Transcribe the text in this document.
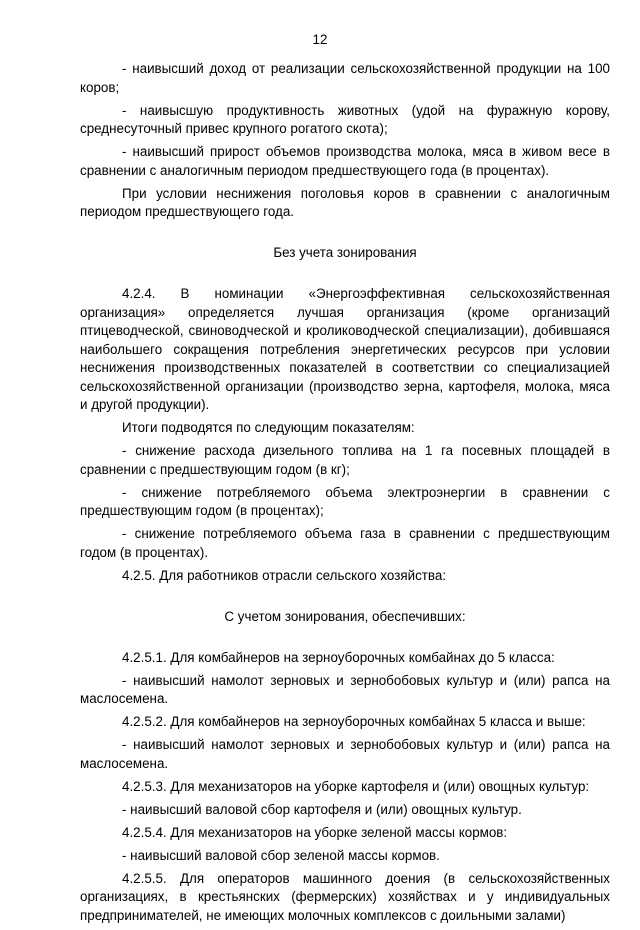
12

- наивысший доход от реализации сельскохозяйственной продукции на 100 коров;

- наивысшую продуктивность животных (удой на фуражную корову, среднесуточный привес крупного рогатого скота);

- наивысший прирост объемов производства молока, мяса в живом весе в сравнении с аналогичным периодом предшествующего года (в процентах).

При условии неснижения поголовья коров в сравнении с аналогичным периодом предшествующего года.

Без учета зонирования

4.2.4. В номинации «Энергоэффективная сельскохозяйственная организация» определяется лучшая организация (кроме организаций птицеводческой, свиноводческой и кролиководческой специализации), добившаяся наибольшего сокращения потребления энергетических ресурсов при условии неснижения производственных показателей в соответствии со специализацией сельскохозяйственной организации (производство зерна, картофеля, молока, мяса и другой продукции).

Итоги подводятся по следующим показателям:

- снижение расхода дизельного топлива на 1 га посевных площадей в сравнении с предшествующим годом (в кг);

- снижение потребляемого объема электроэнергии в сравнении с предшествующим годом (в процентах);

- снижение потребляемого объема газа в сравнении с предшествующим годом (в процентах).

4.2.5. Для работников отрасли сельского хозяйства:

С учетом зонирования, обеспечивших:

4.2.5.1. Для комбайнеров на зерноуборочных комбайнах до 5 класса:

- наивысший намолот зерновых и зернобобовых культур и (или) рапса на маслосемена.

4.2.5.2. Для комбайнеров на зерноуборочных комбайнах 5 класса и выше:

- наивысший намолот зерновых и зернобобовых культур и (или) рапса на маслосемена.

4.2.5.3. Для механизаторов на уборке картофеля и (или) овощных культур:

- наивысший валовой сбор картофеля и (или) овощных культур.

4.2.5.4. Для механизаторов на уборке зеленой массы кормов:

- наивысший валовой сбор зеленой массы кормов.

4.2.5.5. Для операторов машинного доения (в сельскохозяйственных организациях, в крестьянских (фермерских) хозяйствах и у индивидуальных предпринимателей, не имеющих молочных комплексов с доильными залами)
